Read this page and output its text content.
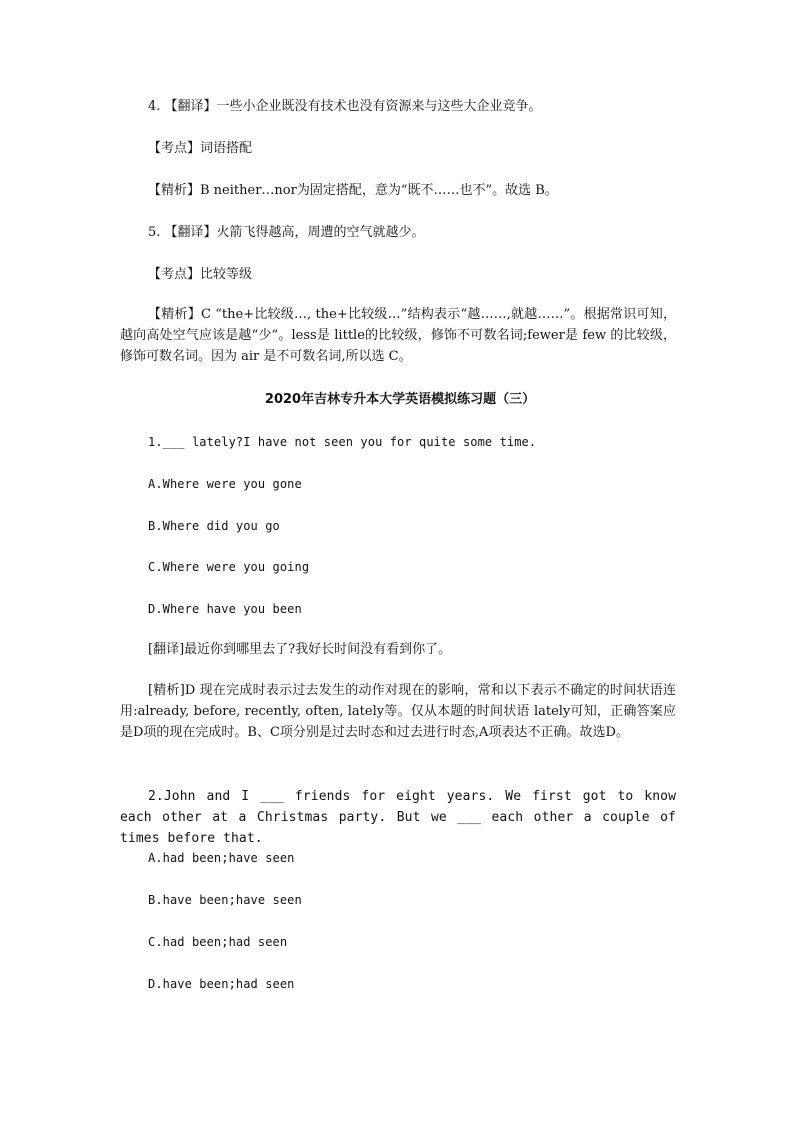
4. 【翻译】一些小企业既没有技术也没有资源来与这些大企业竞争。
【考点】词语搭配
【精析】B neither…nor为固定搭配，意为“既不……也不”。故选 B。
5. 【翻译】火箭飞得越高，周遭的空气就越少。
【考点】比较等级
【精析】C “the+比较级…, the+比较级…”结构表示“越……,就越……”。根据常识可知，越向高处空气应该是越“少”。less是 little的比较级，修饰不可数名词;fewer是 few 的比较级，修饰可数名词。因为 air 是不可数名词,所以选 C。
2020年吉林专升本大学英语模拟练习题（三）
1.___ lately?I have not seen you for quite some time.
A.Where were you gone
B.Where did you go
C.Where were you going
D.Where have you been
[翻译]最近你到哪里去了?我好长时间没有看到你了。
[精析]D 现在完成时表示过去发生的动作对现在的影响，常和以下表示不确定的时间状语连用:already, before, recently, often, lately等。仅从本题的时间状语 lately可知，正确答案应是D项的现在完成时。B、C项分别是过去时态和过去进行时态,A项表达不正确。故选D。
2.John and I ___ friends for eight years. We first got to know each other at a Christmas party. But we ___ each other a couple of times before that.
A.had been;have seen
B.have been;have seen
C.had been;had seen
D.have been;had seen
